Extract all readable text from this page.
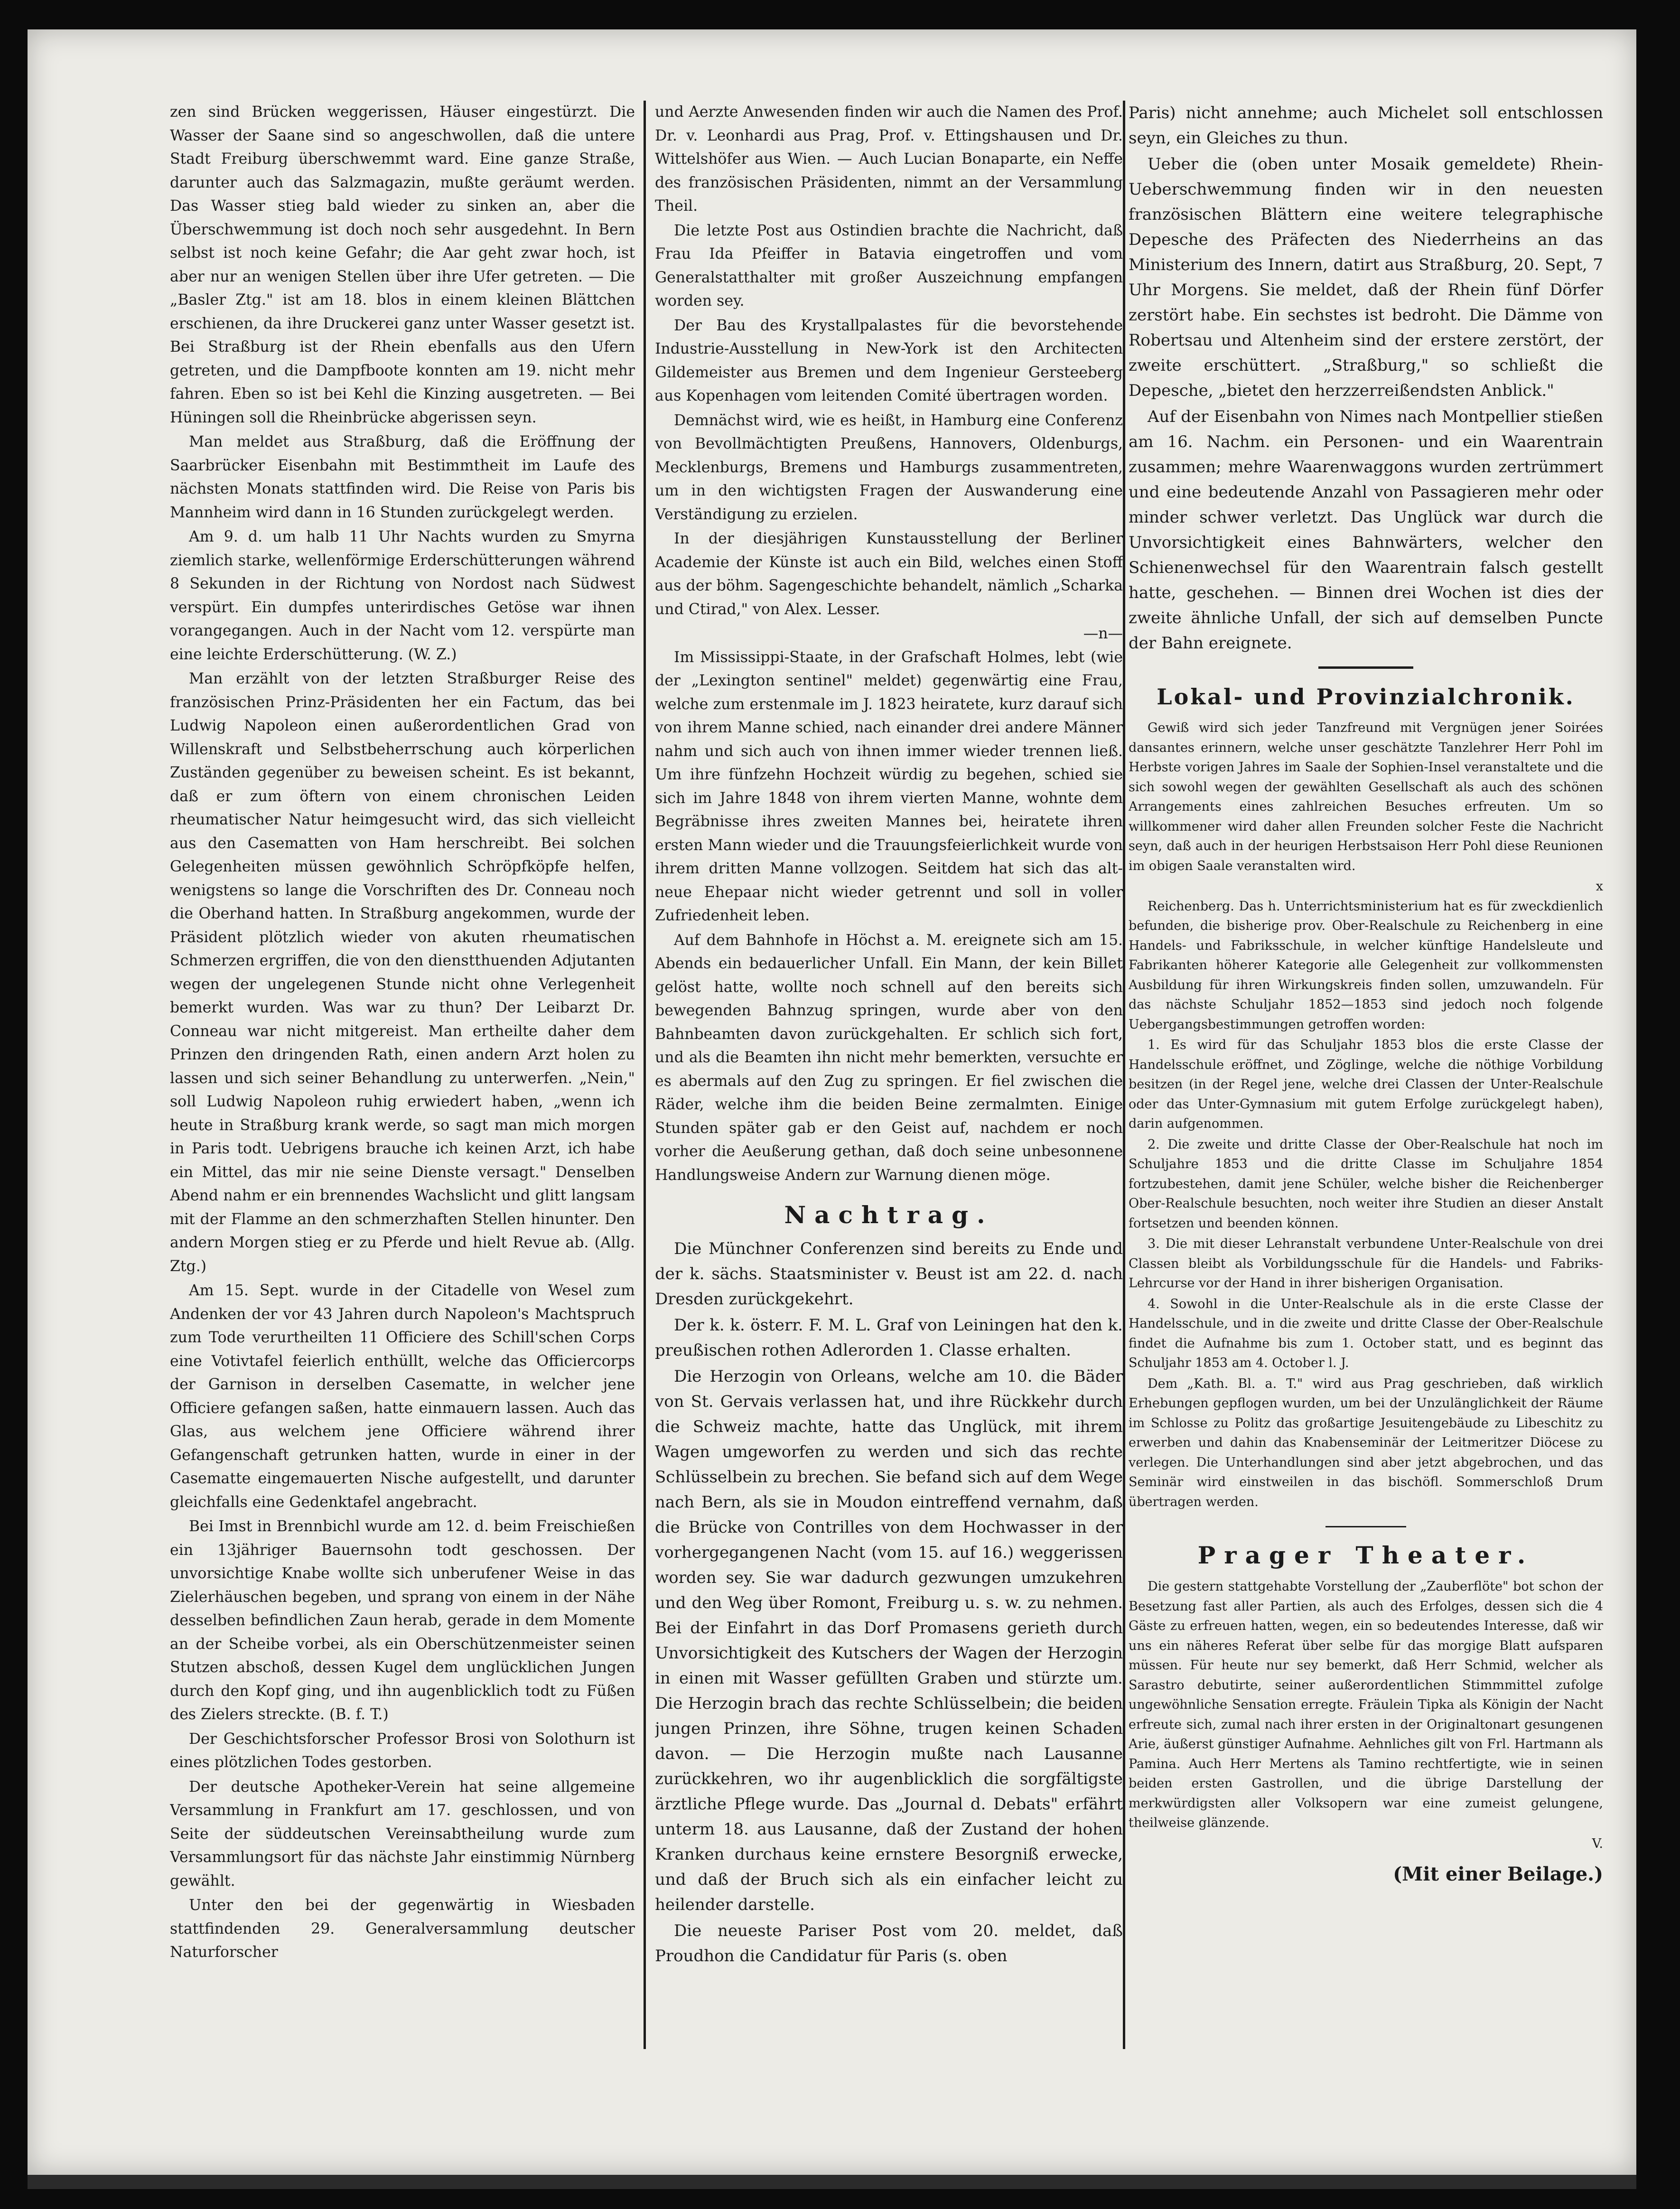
zen sind Brücken weggerissen, Häuser eingestürzt. Die Wasser der Saane sind so angeschwollen, daß die untere Stadt Freiburg überschwemmt ward. Eine ganze Straße, darunter auch das Salzmagazin, mußte geräumt werden. Das Wasser stieg bald wieder zu sinken an, aber die Überschwemmung ist doch noch sehr ausgedehnt. In Bern selbst ist noch keine Gefahr; die Aar geht zwar hoch, ist aber nur an wenigen Stellen über ihre Ufer getreten. — Die „Basler Ztg." ist am 18. blos in einem kleinen Blättchen erschienen, da ihre Druckerei ganz unter Wasser gesetzt ist. Bei Straßburg ist der Rhein ebenfalls aus den Ufern getreten, und die Dampfboote konnten am 19. nicht mehr fahren. Eben so ist bei Kehl die Kinzing ausgetreten. — Bei Hüningen soll die Rheinbrücke abgerissen seyn.

Man meldet aus Straßburg, daß die Eröffnung der Saarbrücker Eisenbahn mit Bestimmtheit im Laufe des nächsten Monats stattfinden wird. Die Reise von Paris bis Mannheim wird dann in 16 Stunden zurückgelegt werden.

Am 9. d. um halb 11 Uhr Nachts wurden zu Smyrna ziemlich starke, wellenförmige Erderschütterungen während 8 Sekunden in der Richtung von Nordost nach Südwest verspürt. Ein dumpfes unterirdisches Getöse war ihnen vorangegangen. Auch in der Nacht vom 12. verspürte man eine leichte Erderschütterung. (W. Z.)

Man erzählt von der letzten Straßburger Reise des französischen Prinz-Präsidenten her ein Factum, das bei Ludwig Napoleon einen außerordentlichen Grad von Willenskraft und Selbstbeherrschung auch körperlichen Zuständen gegenüber zu beweisen scheint. Es ist bekannt, daß er zum öftern von einem chronischen Leiden rheumatischer Natur heimgesucht wird, das sich vielleicht aus den Casematten von Ham herschreibt. Bei solchen Gelegenheiten müssen gewöhnlich Schröpfköpfe helfen, wenigstens so lange die Vorschriften des Dr. Conneau noch die Oberhand hatten. In Straßburg angekommen, wurde der Präsident plötzlich wieder von akuten rheumatischen Schmerzen ergriffen, die von den dienstthuenden Adjutanten wegen der ungelegenen Stunde nicht ohne Verlegenheit bemerkt wurden. Was war zu thun? Der Leibarzt Dr. Conneau war nicht mitgereist. Man ertheilte daher dem Prinzen den dringenden Rath, einen andern Arzt holen zu lassen und sich seiner Behandlung zu unterwerfen. „Nein," soll Ludwig Napoleon ruhig erwiedert haben, „wenn ich heute in Straßburg krank werde, so sagt man mich morgen in Paris todt. Uebrigens brauche ich keinen Arzt, ich habe ein Mittel, das mir nie seine Dienste versagt." Denselben Abend nahm er ein brennendes Wachslicht und glitt langsam mit der Flamme an den schmerzhaften Stellen hinunter. Den andern Morgen stieg er zu Pferde und hielt Revue ab. (Allg. Ztg.)

Am 15. Sept. wurde in der Citadelle von Wesel zum Andenken der vor 43 Jahren durch Napoleon's Machtspruch zum Tode verurtheilten 11 Officiere des Schill'schen Corps eine Votivtafel feierlich enthüllt, welche das Officiercorps der Garnison in derselben Casematte, in welcher jene Officiere gefangen saßen, hatte einmauern lassen. Auch das Glas, aus welchem jene Officiere während ihrer Gefangenschaft getrunken hatten, wurde in einer in der Casematte eingemauerten Nische aufgestellt, und darunter gleichfalls eine Gedenktafel angebracht.

Bei Imst in Brennbichl wurde am 12. d. beim Freischießen ein 13jähriger Bauernsohn todt geschossen. Der unvorsichtige Knabe wollte sich unberufener Weise in das Zielerhäuschen begeben, und sprang von einem in der Nähe desselben befindlichen Zaun herab, gerade in dem Momente an der Scheibe vorbei, als ein Oberschützenmeister seinen Stutzen abschoß, dessen Kugel dem unglücklichen Jungen durch den Kopf ging, und ihn augenblicklich todt zu Füßen des Zielers streckte. (B. f. T.)

Der Geschichtsforscher Professor Brosi von Solothurn ist eines plötzlichen Todes gestorben.

Der deutsche Apotheker-Verein hat seine allgemeine Versammlung in Frankfurt am 17. geschlossen, und von Seite der süddeutschen Vereinsabtheilung wurde zum Versammlungsort für das nächste Jahr einstimmig Nürnberg gewählt.

Unter den bei der gegenwärtig in Wiesbaden stattfindenden 29. Generalversammlung deutscher Naturforscher

und Aerzte Anwesenden finden wir auch die Namen des Prof. Dr. v. Leonhardi aus Prag, Prof. v. Ettingshausen und Dr. Wittelshöfer aus Wien. — Auch Lucian Bonaparte, ein Neffe des französischen Präsidenten, nimmt an der Versammlung Theil.

Die letzte Post aus Ostindien brachte die Nachricht, daß Frau Ida Pfeiffer in Batavia eingetroffen und vom Generalstatthalter mit großer Auszeichnung empfangen worden sey.

Der Bau des Krystallpalastes für die bevorstehende Industrie-Ausstellung in New-York ist den Architecten Gildemeister aus Bremen und dem Ingenieur Gersteeberg aus Kopenhagen vom leitenden Comité übertragen worden.

Demnächst wird, wie es heißt, in Hamburg eine Conferenz von Bevollmächtigten Preußens, Hannovers, Oldenburgs, Mecklenburgs, Bremens und Hamburgs zusammentreten, um in den wichtigsten Fragen der Auswanderung eine Verständigung zu erzielen.

In der diesjährigen Kunstausstellung der Berliner Academie der Künste ist auch ein Bild, welches einen Stoff aus der böhm. Sagengeschichte behandelt, nämlich „Scharka und Ctirad," von Alex. Lesser.

—n—

Im Mississippi-Staate, in der Grafschaft Holmes, lebt (wie der „Lexington sentinel" meldet) gegenwärtig eine Frau, welche zum erstenmale im J. 1823 heiratete, kurz darauf sich von ihrem Manne schied, nach einander drei andere Männer nahm und sich auch von ihnen immer wieder trennen ließ. Um ihre fünfzehn Hochzeit würdig zu begehen, schied sie sich im Jahre 1848 von ihrem vierten Manne, wohnte dem Begräbnisse ihres zweiten Mannes bei, heiratete ihren ersten Mann wieder und die Trauungsfeierlichkeit wurde von ihrem dritten Manne vollzogen. Seitdem hat sich das alt-neue Ehepaar nicht wieder getrennt und soll in voller Zufriedenheit leben.

Auf dem Bahnhofe in Höchst a. M. ereignete sich am 15. Abends ein bedauerlicher Unfall. Ein Mann, der kein Billet gelöst hatte, wollte noch schnell auf den bereits sich bewegenden Bahnzug springen, wurde aber von den Bahnbeamten davon zurückgehalten. Er schlich sich fort, und als die Beamten ihn nicht mehr bemerkten, versuchte er es abermals auf den Zug zu springen. Er fiel zwischen die Räder, welche ihm die beiden Beine zermalmten. Einige Stunden später gab er den Geist auf, nachdem er noch vorher die Aeußerung gethan, daß doch seine unbesonnene Handlungsweise Andern zur Warnung dienen möge.

Nachtrag.

Die Münchner Conferenzen sind bereits zu Ende und der k. sächs. Staatsminister v. Beust ist am 22. d. nach Dresden zurückgekehrt.

Der k. k. österr. F. M. L. Graf von Leiningen hat den k. preußischen rothen Adlerorden 1. Classe erhalten.

Die Herzogin von Orleans, welche am 10. die Bäder von St. Gervais verlassen hat, und ihre Rückkehr durch die Schweiz machte, hatte das Unglück, mit ihrem Wagen umgeworfen zu werden und sich das rechte Schlüsselbein zu brechen. Sie befand sich auf dem Wege nach Bern, als sie in Moudon eintreffend vernahm, daß die Brücke von Contrilles von dem Hochwasser in der vorhergegangenen Nacht (vom 15. auf 16.) weggerissen worden sey. Sie war dadurch gezwungen umzukehren und den Weg über Romont, Freiburg u. s. w. zu nehmen. Bei der Einfahrt in das Dorf Promasens gerieth durch Unvorsichtigkeit des Kutschers der Wagen der Herzogin in einen mit Wasser gefüllten Graben und stürzte um. Die Herzogin brach das rechte Schlüsselbein; die beiden jungen Prinzen, ihre Söhne, trugen keinen Schaden davon. — Die Herzogin mußte nach Lausanne zurückkehren, wo ihr augenblicklich die sorgfältigste ärztliche Pflege wurde. Das „Journal d. Debats" erfährt unterm 18. aus Lausanne, daß der Zustand der hohen Kranken durchaus keine ernstere Besorgniß erwecke, und daß der Bruch sich als ein einfacher leicht zu heilender darstelle.

Die neueste Pariser Post vom 20. meldet, daß Proudhon die Candidatur für Paris (s. oben

Paris) nicht annehme; auch Michelet soll entschlossen seyn, ein Gleiches zu thun.

Ueber die (oben unter Mosaik gemeldete) Rhein-Ueberschwemmung finden wir in den neuesten französischen Blättern eine weitere telegraphische Depesche des Präfecten des Niederrheins an das Ministerium des Innern, datirt aus Straßburg, 20. Sept, 7 Uhr Morgens. Sie meldet, daß der Rhein fünf Dörfer zerstört habe. Ein sechstes ist bedroht. Die Dämme von Robertsau und Altenheim sind der erstere zerstört, der zweite erschüttert. „Straßburg," so schließt die Depesche, „bietet den herzzerreißendsten Anblick."

Auf der Eisenbahn von Nimes nach Montpellier stießen am 16. Nachm. ein Personen- und ein Waarentrain zusammen; mehre Waarenwaggons wurden zertrümmert und eine bedeutende Anzahl von Passagieren mehr oder minder schwer verletzt. Das Unglück war durch die Unvorsichtigkeit eines Bahnwärters, welcher den Schienenwechsel für den Waarentrain falsch gestellt hatte, geschehen. — Binnen drei Wochen ist dies der zweite ähnliche Unfall, der sich auf demselben Puncte der Bahn ereignete.

Lokal- und Provinzialchronik.

Gewiß wird sich jeder Tanzfreund mit Vergnügen jener Soirées dansantes erinnern, welche unser geschätzte Tanzlehrer Herr Pohl im Herbste vorigen Jahres im Saale der Sophien-Insel veranstaltete und die sich sowohl wegen der gewählten Gesellschaft als auch des schönen Arrangements eines zahlreichen Besuches erfreuten. Um so willkommener wird daher allen Freunden solcher Feste die Nachricht seyn, daß auch in der heurigen Herbstsaison Herr Pohl diese Reunionen im obigen Saale veranstalten wird.

x

Reichenberg. Das h. Unterrichtsministerium hat es für zweckdienlich befunden, die bisherige prov. Ober-Realschule zu Reichenberg in eine Handels- und Fabriksschule, in welcher künftige Handelsleute und Fabrikanten höherer Kategorie alle Gelegenheit zur vollkommensten Ausbildung für ihren Wirkungskreis finden sollen, umzuwandeln. Für das nächste Schuljahr 1852—1853 sind jedoch noch folgende Uebergangsbestimmungen getroffen worden:

1. Es wird für das Schuljahr 1853 blos die erste Classe der Handelsschule eröffnet, und Zöglinge, welche die nöthige Vorbildung besitzen (in der Regel jene, welche drei Classen der Unter-Realschule oder das Unter-Gymnasium mit gutem Erfolge zurückgelegt haben), darin aufgenommen.

2. Die zweite und dritte Classe der Ober-Realschule hat noch im Schuljahre 1853 und die dritte Classe im Schuljahre 1854 fortzubestehen, damit jene Schüler, welche bisher die Reichenberger Ober-Realschule besuchten, noch weiter ihre Studien an dieser Anstalt fortsetzen und beenden können.

3. Die mit dieser Lehranstalt verbundene Unter-Realschule von drei Classen bleibt als Vorbildungsschule für die Handels- und Fabriks-Lehrcurse vor der Hand in ihrer bisherigen Organisation.

4. Sowohl in die Unter-Realschule als in die erste Classe der Handelsschule, und in die zweite und dritte Classe der Ober-Realschule findet die Aufnahme bis zum 1. October statt, und es beginnt das Schuljahr 1853 am 4. October l. J.

Dem „Kath. Bl. a. T." wird aus Prag geschrieben, daß wirklich Erhebungen gepflogen wurden, um bei der Unzulänglichkeit der Räume im Schlosse zu Politz das großartige Jesuitengebäude zu Libeschitz zu erwerben und dahin das Knabenseminär der Leitmeritzer Diöcese zu verlegen. Die Unterhandlungen sind aber jetzt abgebrochen, und das Seminär wird einstweilen in das bischöfl. Sommerschloß Drum übertragen werden.

Prager Theater.

Die gestern stattgehabte Vorstellung der „Zauberflöte" bot schon der Besetzung fast aller Partien, als auch des Erfolges, dessen sich die 4 Gäste zu erfreuen hatten, wegen, ein so bedeutendes Interesse, daß wir uns ein näheres Referat über selbe für das morgige Blatt aufsparen müssen. Für heute nur sey bemerkt, daß Herr Schmid, welcher als Sarastro debutirte, seiner außerordentlichen Stimmmittel zufolge ungewöhnliche Sensation erregte. Fräulein Tipka als Königin der Nacht erfreute sich, zumal nach ihrer ersten in der Originaltonart gesungenen Arie, äußerst günstiger Aufnahme. Aehnliches gilt von Frl. Hartmann als Pamina. Auch Herr Mertens als Tamino rechtfertigte, wie in seinen beiden ersten Gastrollen, und die übrige Darstellung der merkwürdigsten aller Volksopern war eine zumeist gelungene, theilweise glänzende.

V.
(Mit einer Beilage.)
